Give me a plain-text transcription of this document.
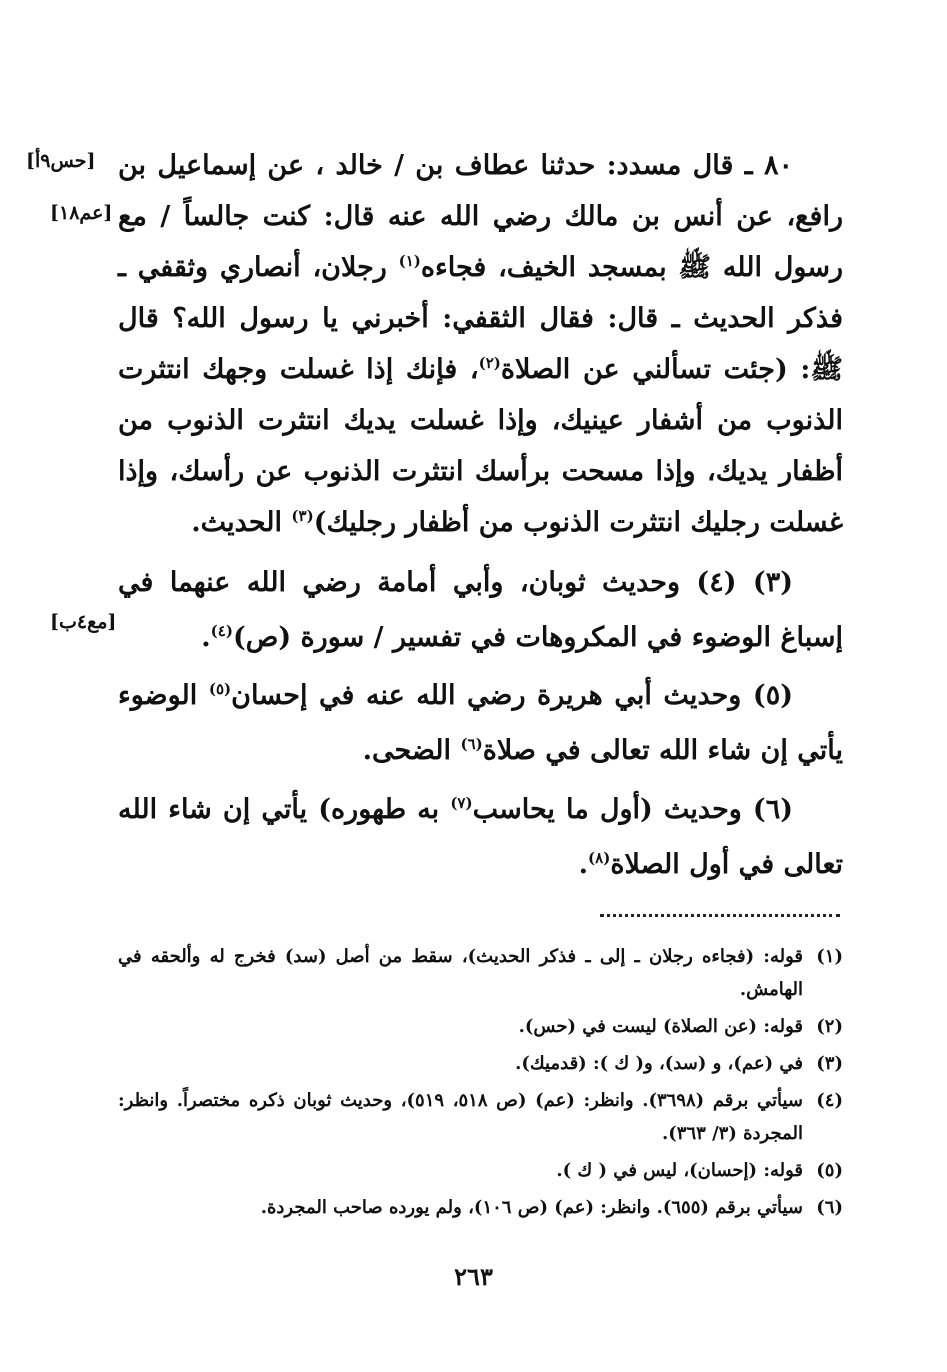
٨٠ ـ قال مسدد: حدثنا عطاف بن / خالد ، عن إسماعيل بن رافع، عن أنس بن مالك رضي الله عنه قال: كنت جالساً / مع رسول الله ﷺ بمسجد الخيف، فجاءه$^{(١)}$ رجلان، أنصاري وثقفي ـ فذكر الحديث ـ قال: فقال الثقفي: أخبرني يا رسول الله؟ قال ﷺ: (جئت تسألني عن الصلاة$^{(٢)}$، فإنك إذا غسلت وجهك انتثرت الذنوب من أشفار عينيك، وإذا غسلت يديك انتثرت الذنوب من أظفار يديك، وإذا مسحت برأسك انتثرت الذنوب عن رأسك، وإذا غسلت رجليك انتثرت الذنوب من أظفار رجليك)$^{(٣)}$ الحديث.
[حس٩أ]
[عم١٨]
[مع٤ب]
(٣) (٤) وحديث ثوبان، وأبي أمامة رضي الله عنهما في إسباغ الوضوء في المكروهات في تفسير / سورة (ص)$^{(٤)}$.
(٥) وحديث أبي هريرة رضي الله عنه في إحسان$^{(٥)}$ الوضوء يأتي إن شاء الله تعالى في صلاة$^{(٦)}$ الضحى.
(٦) وحديث (أول ما يحاسب$^{(٧)}$ به طهوره) يأتي إن شاء الله تعالى في أول الصلاة$^{(٨)}$.
(١)
قوله: (فجاءه رجلان ـ إلى ـ فذكر الحديث)، سقط من أصل (سد) فخرج له وألحقه في الهامش.
(٢)
قوله: (عن الصلاة) ليست في (حس).
(٣)
في (عم)، و (سد)، و( ك ): (قدميك).
(٤)
سيأتي برقم (٣٦٩٨). وانظر: (عم) (ص ٥١٨، ٥١٩)، وحديث ثوبان ذكره مختصراً. وانظر: المجردة (٣/ ٣٦٣).
(٥)
قوله: (إحسان)، ليس في ( ك ).
(٦)
سيأتي برقم (٦٥٥). وانظر: (عم) (ص ١٠٦)، ولم يورده صاحب المجردة.
٢٦٣
